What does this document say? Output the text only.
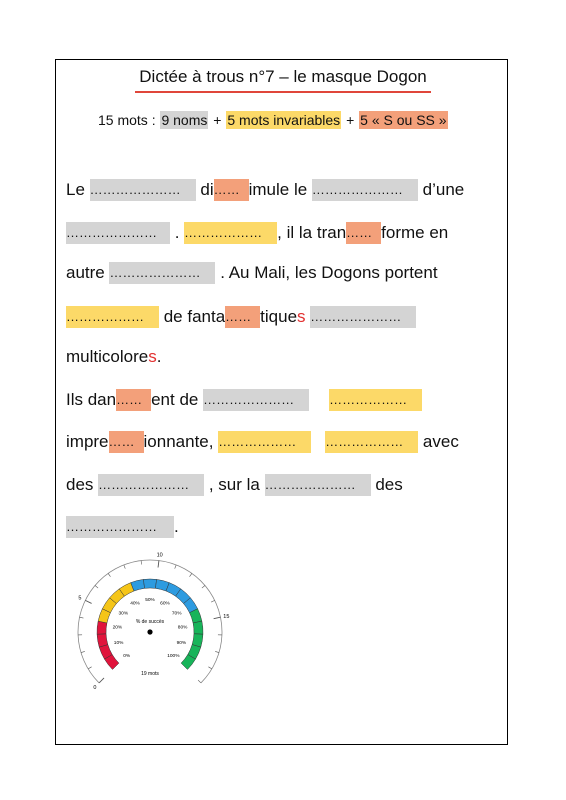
Dictée à trous n°7 – le masque Dogon
15 mots : 9 noms + 5 mots invariables + 5 « S ou SS »
Le ………………… di…… imule le ………………… d’une
………………… . ……………… , il la tran…… forme en
autre ………………… . Au Mali, les Dogons portent
……………… de fanta…… tiques …………………
multicolores.
Ils dan…… ent de …………………	………………
impre…… ionnante, ……………… ……………… avec
des ………………… , sur la ………………… des
………………… .
0
5
10
15
0%
10%
20%
30%
40%
50%
60%
70%
80%
90%
100%
% de succès
19 mots
